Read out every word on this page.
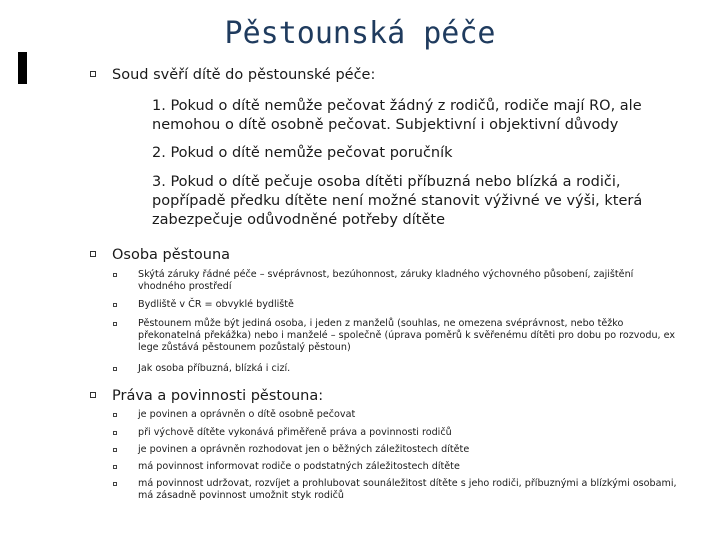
Pěstounská péče
Soud svěří dítě do pěstounské péče:
1. Pokud o dítě nemůže pečovat žádný z rodičů, rodiče mají RO, ale nemohou o dítě osobně pečovat. Subjektivní i objektivní důvody
2. Pokud o dítě nemůže pečovat poručník
3. Pokud o dítě pečuje osoba dítěti příbuzná nebo blízká a rodiči, popřípadě předku dítěte není možné stanovit výživné ve výši, která zabezpečuje odůvodněné potřeby dítěte
Osoba pěstouna
Skýtá záruky řádné péče – svéprávnost, bezúhonnost, záruky kladného výchovného působení, zajištění vhodného prostředí
Bydliště v ČR = obvyklé bydliště
Pěstounem může být jediná osoba, i jeden z manželů (souhlas, ne omezena svéprávnost, nebo těžko překonatelná překážka) nebo i manželé – společně (úprava poměrů k svěřenému dítěti pro dobu po rozvodu, ex lege zůstává pěstounem pozůstalý pěstoun)
Jak osoba příbuzná, blízká i cizí.
Práva a povinnosti pěstouna:
je povinen a oprávněn o dítě osobně pečovat
při výchově dítěte vykonává přiměřeně práva a povinnosti rodičů
je povinen a oprávněn rozhodovat jen o běžných záležitostech dítěte
má povinnost informovat rodiče o podstatných záležitostech dítěte
má povinnost udržovat, rozvíjet a prohlubovat sounáležitost dítěte s jeho rodiči, příbuznými a blízkými osobami, má zásadně povinnost umožnit styk rodičů
